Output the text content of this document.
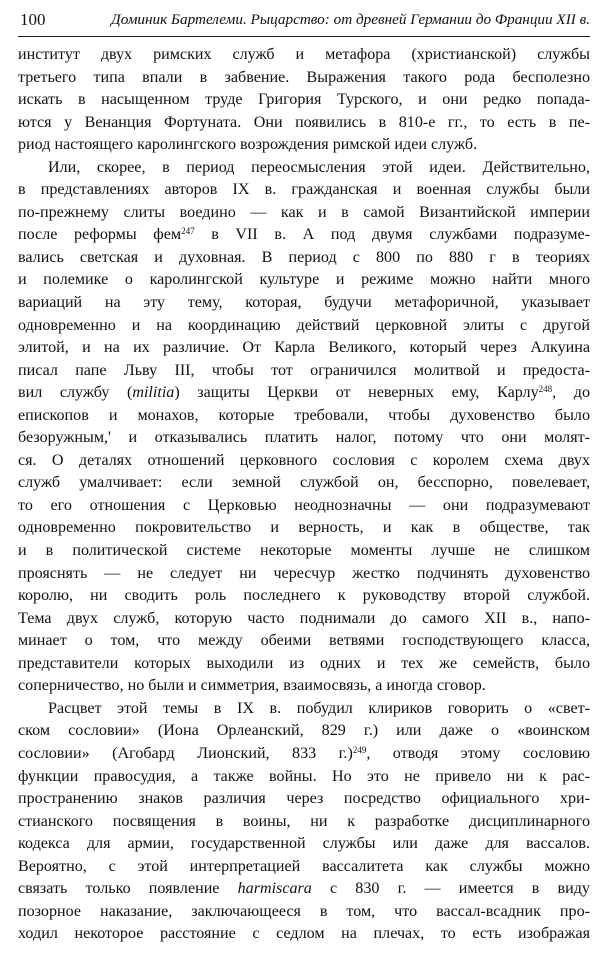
100	Доминик Бартелеми. Рыцарство: от древней Германии до Франции XII в.
институт двух римских служб и метафора (христианской) службы
третьего типа впали в забвение. Выражения такого рода бесполезно
искать в насыщенном труде Григория Турского, и они редко попада-
ются у Венанция Фортуната. Они появились в 810-е гг., то есть в пе-
риод настоящего каролингского возрождения римской идеи служб.
Или, скорее, в период переосмысления этой идеи. Действительно,
в представлениях авторов IX в. гражданская и военная службы были
по-прежнему слиты воедино — как и в самой Византийской империи
после реформы фем$^{247}$ в VII в. А под двумя службами подразуме-
вались светская и духовная. В период с 800 по 880 г в теориях
и полемике о каролингской культуре и режиме можно найти много
вариаций на эту тему, которая, будучи метафоричной, указывает
одновременно и на координацию действий церковной элиты с другой
элитой, и на их различие. От Карла Великого, который через Алкуина
писал папе Льву III, чтобы тот ограничился молитвой и предоста-
вил службу (militia) защиты Церкви от неверных ему, Карлу$^{248}$, до
епископов и монахов, которые требовали, чтобы духовенство было
безоружным,' и отказывались платить налог, потому что они молят-
ся. О деталях отношений церковного сословия с королем схема двух
служб умалчивает: если земной службой он, бесспорно, повелевает,
то его отношения с Церковью неоднозначны — они подразумевают
одновременно покровительство и верность, и как в обществе, так
и в политической системе некоторые моменты лучше не слишком
прояснять — не следует ни чересчур жестко подчинять духовенство
королю, ни сводить роль последнего к руководству второй службой.
Тема двух служб, которую часто поднимали до самого XII в., напо-
минает о том, что между обеими ветвями господствующего класса,
представители которых выходили из одних и тех же семейств, было
соперничество, но были и симметрия, взаимосвязь, а иногда сговор.
Расцвет этой темы в IX в. побудил клириков говорить о «свет-
ском сословии» (Иона Орлеанский, 829 г.) или даже о «воинском
сословии» (Агобард Лионский, 833 г.)$^{249}$, отводя этому сословию
функции правосудия, а также войны. Но это не привело ни к рас-
пространению знаков различия через посредство официального хри-
стианского посвящения в воины, ни к разработке дисциплинарного
кодекса для армии, государственной службы или даже для вассалов.
Вероятно, с этой интерпретацией вассалитета как службы можно
связать только появление harmiscara с 830 г. — имеется в виду
позорное наказание, заключающееся в том, что вассал-всадник про-
ходил некоторое расстояние с седлом на плечах, то есть изображая
